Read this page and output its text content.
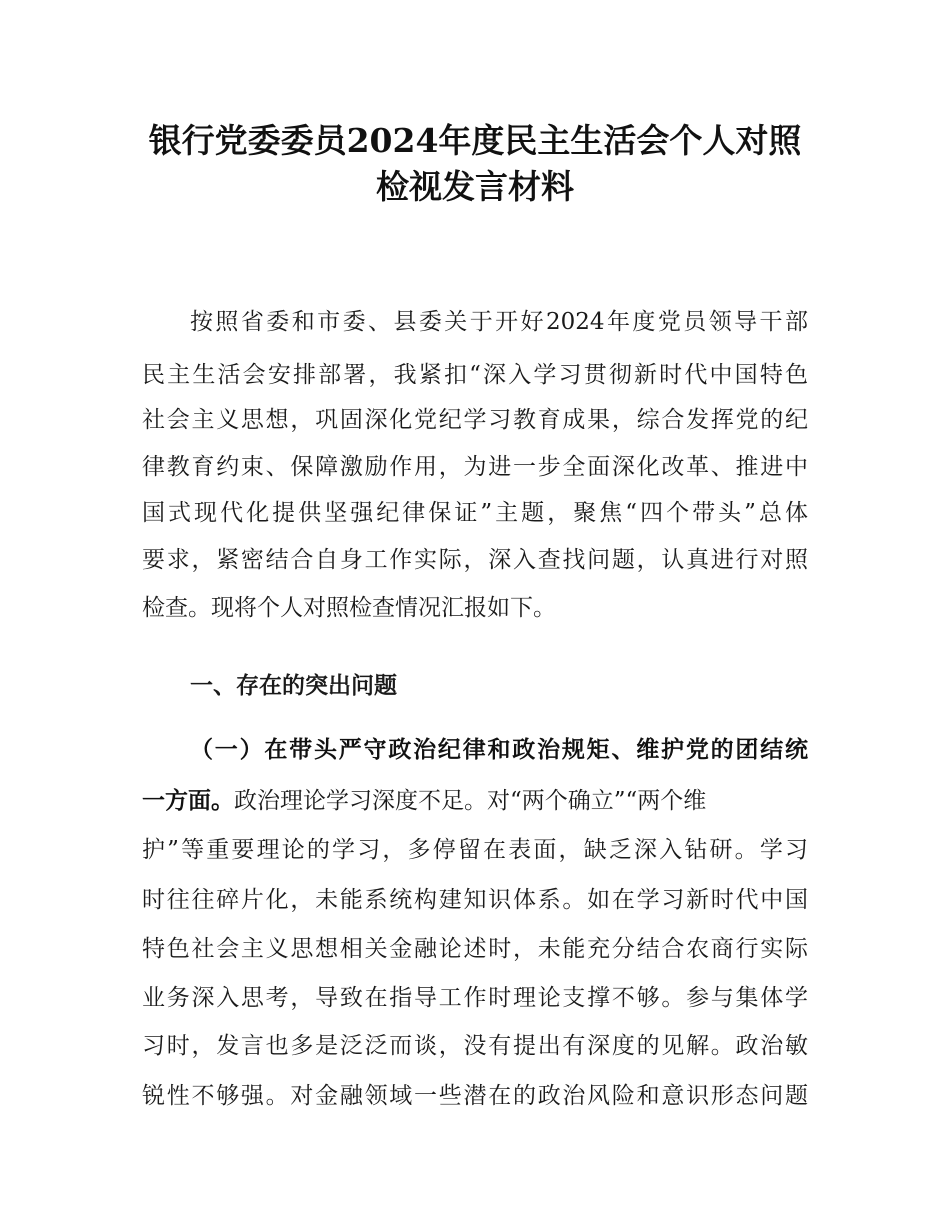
银行党委委员2024年度民主生活会个人对照
检视发言材料

按照省委和市委、县委关于开好2024年度党员领导干部

民主生活会安排部署，我紧扣“深入学习贯彻新时代中国特色

社会主义思想，巩固深化党纪学习教育成果，综合发挥党的纪

律教育约束、保障激励作用，为进一步全面深化改革、推进中

国式现代化提供坚强纪律保证”主题，聚焦“四个带头”总体

要求，紧密结合自身工作实际，深入查找问题，认真进行对照

检查。现将个人对照检查情况汇报如下。

一、存在的突出问题

（一）在带头严守政治纪律和政治规矩、维护党的团结统

一方面。政治理论学习深度不足。对“两个确立”“两个维

护”等重要理论的学习，多停留在表面，缺乏深入钻研。学习

时往往碎片化，未能系统构建知识体系。如在学习新时代中国

特色社会主义思想相关金融论述时，未能充分结合农商行实际

业务深入思考，导致在指导工作时理论支撑不够。参与集体学

习时，发言也多是泛泛而谈，没有提出有深度的见解。政治敏

锐性不够强。对金融领域一些潜在的政治风险和意识形态问题
